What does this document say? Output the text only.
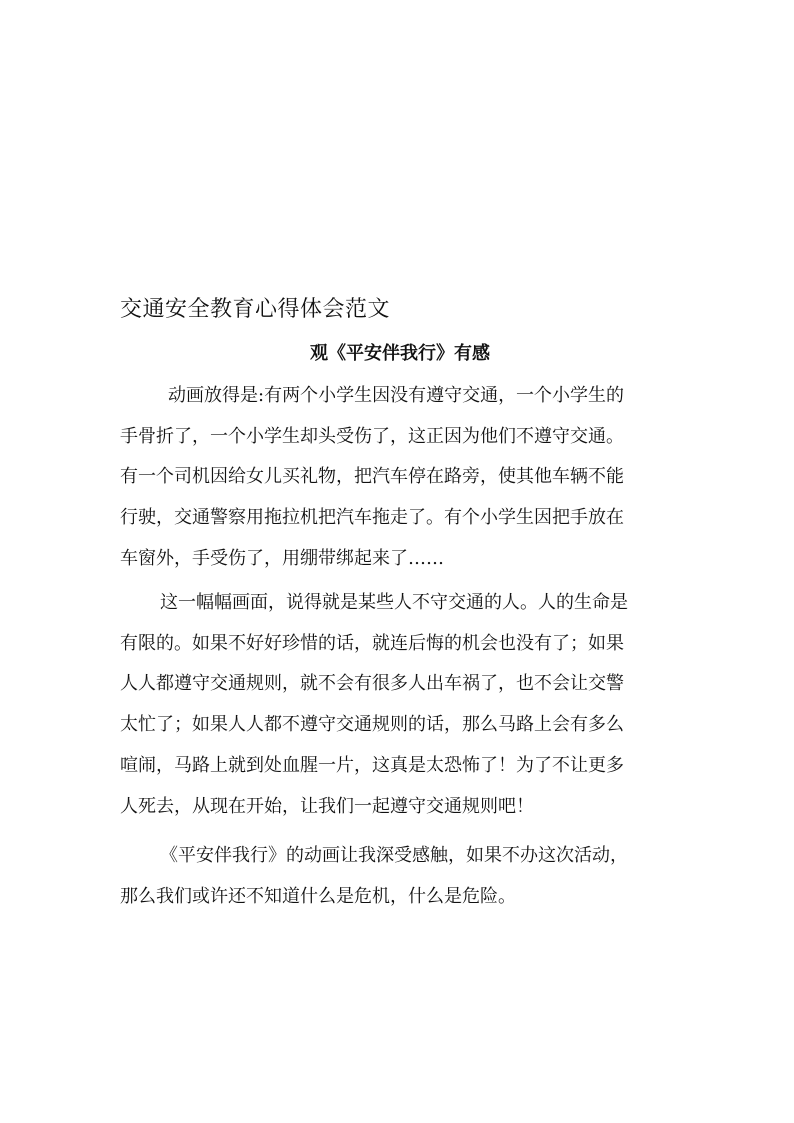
交通安全教育心得体会范文
观《平安伴我行》有感
动画放得是:有两个小学生因没有遵守交通，一个小学生的
手骨折了，一个小学生却头受伤了，这正因为他们不遵守交通。
有一个司机因给女儿买礼物，把汽车停在路旁，使其他车辆不能
行驶，交通警察用拖拉机把汽车拖走了。有个小学生因把手放在
车窗外，手受伤了，用绷带绑起来了……
这一幅幅画面，说得就是某些人不守交通的人。人的生命是
有限的。如果不好好珍惜的话，就连后悔的机会也没有了；如果
人人都遵守交通规则，就不会有很多人出车祸了，也不会让交警
太忙了；如果人人都不遵守交通规则的话，那么马路上会有多么
喧闹，马路上就到处血腥一片，这真是太恐怖了！为了不让更多
人死去，从现在开始，让我们一起遵守交通规则吧！
《平安伴我行》的动画让我深受感触，如果不办这次活动，
那么我们或许还不知道什么是危机，什么是危险。
